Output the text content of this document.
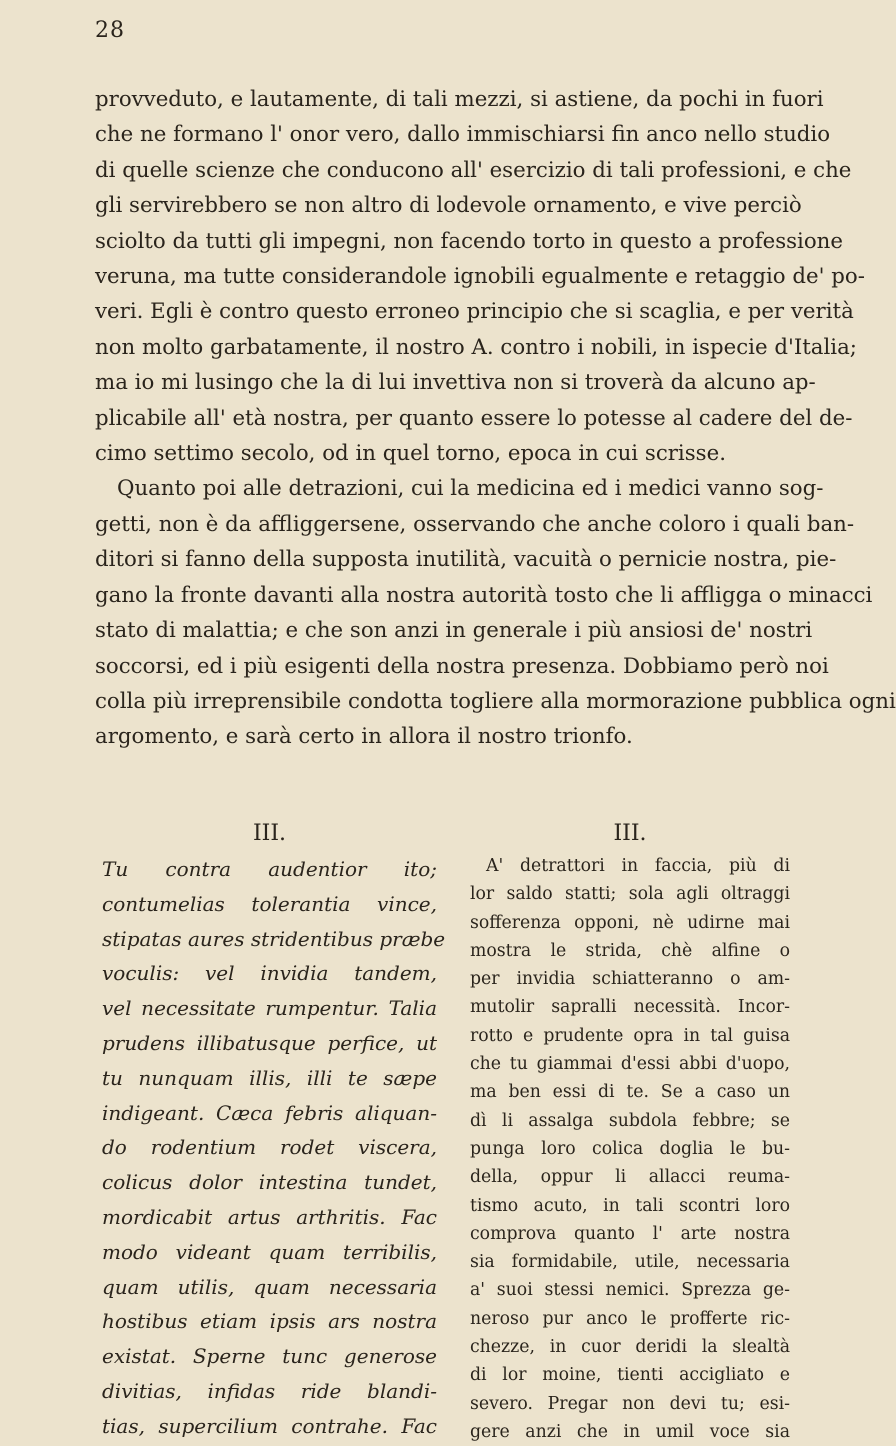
28
provveduto, e lautamente, di tali mezzi, si astiene, da pochi in fuori
che ne formano l' onor vero, dallo immischiarsi fin anco nello studio
di quelle scienze che conducono all' esercizio di tali professioni, e che
gli servirebbero se non altro di lodevole ornamento, e vive perciò
sciolto da tutti gli impegni, non facendo torto in questo a professione
veruna, ma tutte considerandole ignobili egualmente e retaggio de' po-
veri. Egli è contro questo erroneo principio che si scaglia, e per verità
non molto garbatamente, il nostro A. contro i nobili, in ispecie d'Italia;
ma io mi lusingo che la di lui invettiva non si troverà da alcuno ap-
plicabile all' età nostra, per quanto essere lo potesse al cadere del de-
cimo settimo secolo, od in quel torno, epoca in cui scrisse.
Quanto poi alle detrazioni, cui la medicina ed i medici vanno sog-
getti, non è da affliggersene, osservando che anche coloro i quali ban-
ditori si fanno della supposta inutilità, vacuità o pernicie nostra, pie-
gano la fronte davanti alla nostra autorità tosto che li affligga o minacci
stato di malattia; e che son anzi in generale i più ansiosi de' nostri
soccorsi, ed i più esigenti della nostra presenza. Dobbiamo però noi
colla più irreprensibile condotta togliere alla mormorazione pubblica ogni
argomento, e sarà certo in allora il nostro trionfo.
III.
Tu contra audentior ito;
contumelias tolerantia vince,
stipatas aures stridentibus præbe
voculis: vel invidia tandem,
vel necessitate rumpentur. Talia
prudens illibatusque perfice, ut
tu nunquam illis, illi te sæpe
indigeant. Cæca febris aliquan-
do rodentium rodet viscera,
colicus dolor intestina tundet,
mordicabit artus arthritis. Fac
modo videant quam terribilis,
quam utilis, quam necessaria
hostibus etiam ipsis ars nostra
existat. Sperne tunc generose
divitias, infidas ride blandi-
tias, supercilium contrahe. Fac
III.
A' detrattori in faccia, più di
lor saldo statti; sola agli oltraggi
sofferenza opponi, nè udirne mai
mostra le strida, chè alfine o
per invidia schiatteranno o am-
mutolir sapralli necessità. Incor-
rotto e prudente opra in tal guisa
che tu giammai d'essi abbi d'uopo,
ma ben essi di te. Se a caso un
dì li assalga subdola febbre; se
punga loro colica doglia le bu-
della, oppur li allacci reuma-
tismo acuto, in tali scontri loro
comprova quanto l' arte nostra
sia formidabile, utile, necessaria
a' suoi stessi nemici. Sprezza ge-
neroso pur anco le profferte ric-
chezze, in cuor deridi la slealtà
di lor moine, tienti accigliato e
severo. Pregar non devi tu; esi-
gere anzi che in umil voce sia
